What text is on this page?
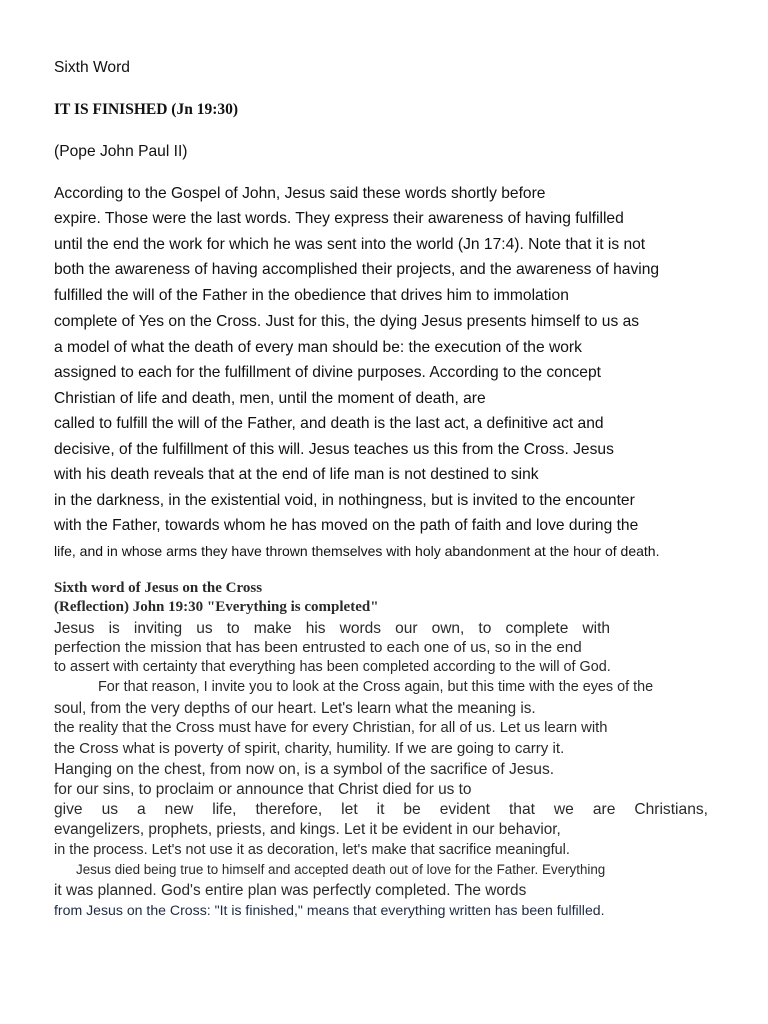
Sixth Word
IT IS FINISHED (Jn 19:30)
(Pope John Paul II)
According to the Gospel of John, Jesus said these words shortly before
expire. Those were the last words. They express their awareness of having fulfilled
until the end the work for which he was sent into the world (Jn 17:4). Note that it is not
both the awareness of having accomplished their projects, and the awareness of having
fulfilled the will of the Father in the obedience that drives him to immolation
complete of Yes on the Cross. Just for this, the dying Jesus presents himself to us as
a model of what the death of every man should be: the execution of the work
assigned to each for the fulfillment of divine purposes. According to the concept
Christian of life and death, men, until the moment of death, are
called to fulfill the will of the Father, and death is the last act, a definitive act and
decisive, of the fulfillment of this will. Jesus teaches us this from the Cross. Jesus
with his death reveals that at the end of life man is not destined to sink
in the darkness, in the existential void, in nothingness, but is invited to the encounter
with the Father, towards whom he has moved on the path of faith and love during the
life, and in whose arms they have thrown themselves with holy abandonment at the hour of death.
Sixth word of Jesus on the Cross
(Reflection) John 19:30 "Everything is completed"
Jesus is inviting us to make his words our own, to complete with
perfection the mission that has been entrusted to each one of us, so in the end
to assert with certainty that everything has been completed according to the will of God.
For that reason, I invite you to look at the Cross again, but this time with the eyes of the
soul, from the very depths of our heart. Let's learn what the meaning is.
the reality that the Cross must have for every Christian, for all of us. Let us learn with
the Cross what is poverty of spirit, charity, humility. If we are going to carry it.
Hanging on the chest, from now on, is a symbol of the sacrifice of Jesus.
for our sins, to proclaim or announce that Christ died for us to
give us a new life, therefore, let it be evident that we are Christians,
evangelizers, prophets, priests, and kings. Let it be evident in our behavior,
in the process. Let's not use it as decoration, let's make that sacrifice meaningful.
Jesus died being true to himself and accepted death out of love for the Father. Everything
it was planned. God's entire plan was perfectly completed. The words
from Jesus on the Cross: "It is finished," means that everything written has been fulfilled.
